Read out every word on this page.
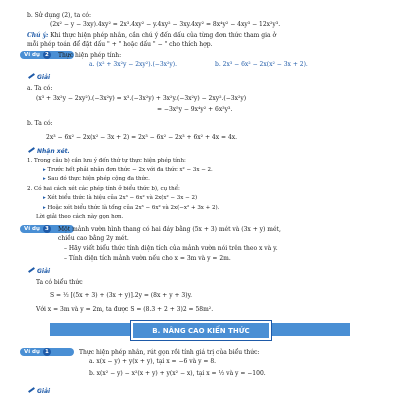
b. Sử dụng (2), ta có:
(2x² − y − 3xy).4xy² = 2x³.4xy² − y.4xy² − 3xy.4xy² = 8x⁴y² − 4xy³ − 12x²y³.
Chú ý: Khi thực hiện phép nhân, cần chú ý đến dấu của từng đơn thức tham gia ở
mỗi phép toán để đặt dấu " + " hoặc dấu " − " cho thích hợp.
Ví dụ 2	Thực hiện phép tính:
a. (x² + 3x²y − 2xy²).(−3x²y).	b. 2x³ − 6x² − 2x(x² − 3x + 2).
Giải
a. Ta có:
(x³ + 3x²y − 2xy²).(−3x²y) = x³.(−3x²y) + 3x²y.(−3x²y) − 2xy².(−3x²y)
= −3x⁵y − 9x⁴y² + 6x³y³.
b. Ta có:
2x³ − 6x² − 2x(x² − 3x + 2) = 2x³ − 6x² − 2x³ + 6x² + 4x = 4x.
Nhận xét.
1. Trong câu b) cần lưu ý đến thứ tự thực hiện phép tính:
▸ Trước hết phải nhân đơn thức − 2x với đa thức x² − 3x − 2.
▸ Sau đó thực hiện phép cộng đa thức.
2. Có hai cách xét các phép tính ở biểu thức b), cụ thể:
▸ Xét biểu thức là hiệu của 2x³ − 6x² và 2x(x² − 3x − 2)
▸ Hoặc xét biểu thức là tổng của 2x³ − 6x² và 2x(−x² + 3x + 2).
Lời giải theo cách này gọn hơn.
Ví dụ 3	Một mảnh vườn hình thang có hai đáy bằng (5x + 3) mét và (3x + y) mét,
chiều cao bằng 2y mét.
– Hãy viết biểu thức tính diện tích của mảnh vườn nói trên theo x và y.
– Tính diện tích mảnh vườn nếu cho x = 3m và y = 2m.
Giải
Ta có biểu thức
S = ½ [(5x + 3) + (3x + y)].2y = (8x + y + 3)y.
Với x = 3m và y = 2m, ta được S = (8.3 + 2 + 3)2 = 58m².
B. NÂNG CAO KIẾN THỨC
Ví dụ 1	Thực hiện phép nhân, rút gọn rồi tính giá trị của biểu thức:
a. x(x − y) + y(x + y), tại x = −6 và y = 8.
b. x(x² − y) − x²(x + y) + y(x² − x), tại x = ½ và y = −100.
Giải
